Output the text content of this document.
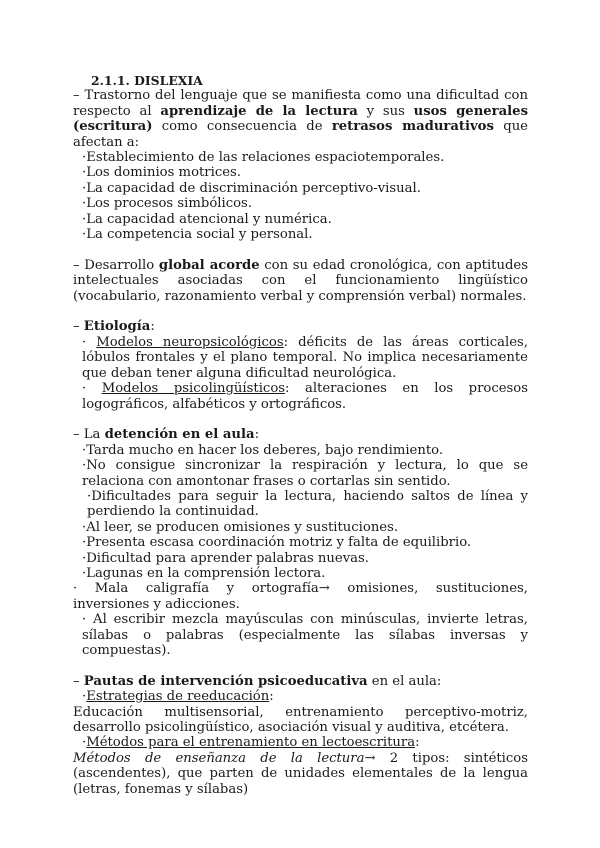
2.1.1. DISLEXIA

– Trastorno del lenguaje que se manifiesta como una dificultad con respecto al aprendizaje de la lectura y sus usos generales (escritura) como consecuencia de retrasos madurativos que afectan a:

·Establecimiento de las relaciones espaciotemporales.

·Los dominios motrices.

·La capacidad de discriminación perceptivo-visual.

·Los procesos simbólicos.

·La capacidad atencional y numérica.

·La competencia social y personal.

– Desarrollo global acorde con su edad cronológica, con aptitudes intelectuales asociadas con el funcionamiento lingüístico (vocabulario, razonamiento verbal y comprensión verbal) normales.

– Etiología:

· Modelos neuropsicológicos: déficits de las áreas corticales, lóbulos frontales y el plano temporal. No implica necesariamente que deban tener alguna dificultad neurológica.

· Modelos psicolingüísticos: alteraciones en los procesos logográficos, alfabéticos y ortográficos.

– La detención en el aula:

·Tarda mucho en hacer los deberes, bajo rendimiento.

·No consigue sincronizar la respiración y lectura, lo que se relaciona con amontonar frases o cortarlas sin sentido.

·Dificultades para seguir la lectura, haciendo saltos de línea y perdiendo la continuidad.

·Al leer, se producen omisiones y sustituciones.

·Presenta escasa coordinación motriz y falta de equilibrio.

·Dificultad para aprender palabras nuevas.

·Lagunas en la comprensión lectora.

· Mala caligrafía y ortografía→ omisiones, sustituciones, inversiones y adicciones.

· Al escribir mezcla mayúsculas con minúsculas, invierte letras, sílabas o palabras (especialmente las sílabas inversas y compuestas).

– Pautas de intervención psicoeducativa en el aula:

·Estrategias de reeducación:

Educación multisensorial, entrenamiento perceptivo-motriz, desarrollo psicolingüístico, asociación visual y auditiva, etcétera.

·Métodos para el entrenamiento en lectoescritura:

Métodos de enseñanza de la lectura→ 2 tipos: sintéticos (ascendentes), que parten de unidades elementales de la lengua (letras, fonemas y sílabas)
